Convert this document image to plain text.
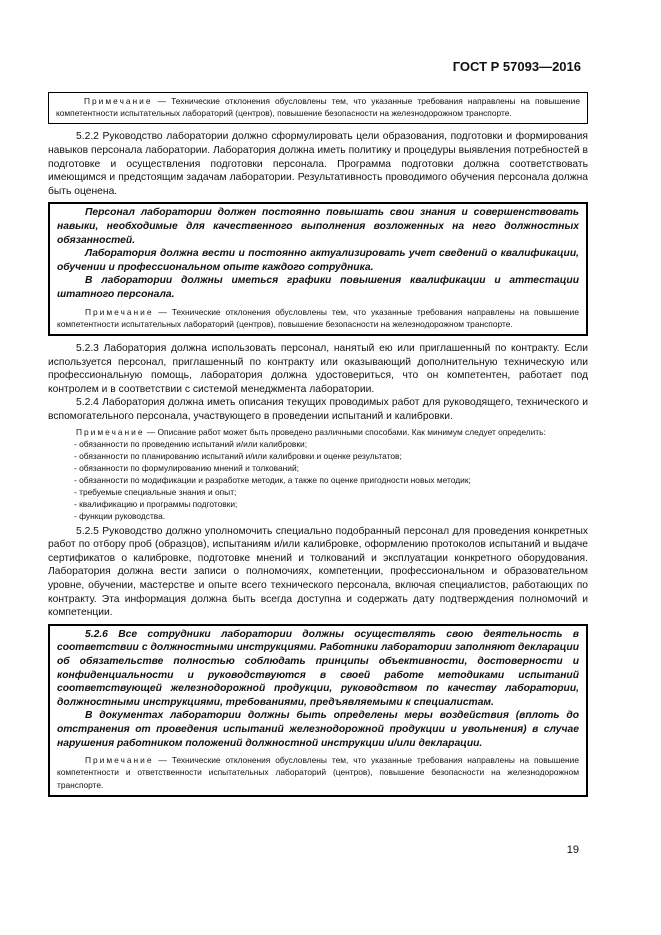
ГОСТ Р 57093—2016

Примечание — Технические отклонения обусловлены тем, что указанные требования направлены на повышение компетентности испытательных лабораторий (центров), повышение безопасности на железнодорожном транспорте.

5.2.2 Руководство лаборатории должно сформулировать цели образования, подготовки и формирования навыков персонала лаборатории. Лаборатория должна иметь политику и процедуры выявления потребностей в подготовке и осуществления подготовки персонала. Программа подготовки должна соответствовать имеющимся и предстоящим задачам лаборатории. Результативность проводимого обучения персонала должна быть оценена.

Персонал лаборатории должен постоянно повышать свои знания и совершенствовать навыки, необходимые для качественного выполнения возложенных на него должностных обязанностей.

Лаборатория должна вести и постоянно актуализировать учет сведений о квалификации, обучении и профессиональном опыте каждого сотрудника.

В лаборатории должны иметься графики повышения квалификации и аттестации штатного персонала.

Примечание — Технические отклонения обусловлены тем, что указанные требования направлены на повышение компетентности испытательных лабораторий (центров), повышение безопасности на железнодорожном транспорте.

5.2.3 Лаборатория должна использовать персонал, нанятый ею или приглашенный по контракту. Если используется персонал, приглашенный по контракту или оказывающий дополнительную техническую или профессиональную помощь, лаборатория должна удостовериться, что он компетентен, работает под контролем и в соответствии с системой менеджмента лаборатории.

5.2.4 Лаборатория должна иметь описания текущих проводимых работ для руководящего, технического и вспомогательного персонала, участвующего в проведении испытаний и калибровки.

Примечание — Описание работ может быть проведено различными способами. Как минимум следует определить:

- обязанности по проведению испытаний и/или калибровки;
- обязанности по планированию испытаний и/или калибровки и оценке результатов;
- обязанности по формулированию мнений и толкований;
- обязанности по модификации и разработке методик, а также по оценке пригодности новых методик;
- требуемые специальные знания и опыт;
- квалификацию и программы подготовки;
- функции руководства.

5.2.5 Руководство должно уполномочить специально подобранный персонал для проведения конкретных работ по отбору проб (образцов), испытаниям и/или калибровке, оформлению протоколов испытаний и выдаче сертификатов о калибровке, подготовке мнений и толкований и эксплуатации конкретного оборудования. Лаборатория должна вести записи о полномочиях, компетенции, профессиональном и образовательном уровне, обучении, мастерстве и опыте всего технического персонала, включая специалистов, работающих по контракту. Эта информация должна быть всегда доступна и содержать дату подтверждения полномочий и компетенции.

5.2.6 Все сотрудники лаборатории должны осуществлять свою деятельность в соответствии с должностными инструкциями. Работники лаборатории заполняют декларации об обязательстве полностью соблюдать принципы объективности, достоверности и конфиденциальности и руководствуются в своей работе методиками испытаний соответствующей железнодорожной продукции, руководством по качеству лаборатории, должностными инструкциями, требованиями, предъявляемыми к специалистам.

В документах лаборатории должны быть определены меры воздействия (вплоть до отстранения от проведения испытаний железнодорожной продукции и увольнения) в случае нарушения работником положений должностной инструкции и/или декларации.

Примечание — Технические отклонения обусловлены тем, что указанные требования направлены на повышение компетентности и ответственности испытательных лабораторий (центров), повышение безопасности на железнодорожном транспорте.

19
